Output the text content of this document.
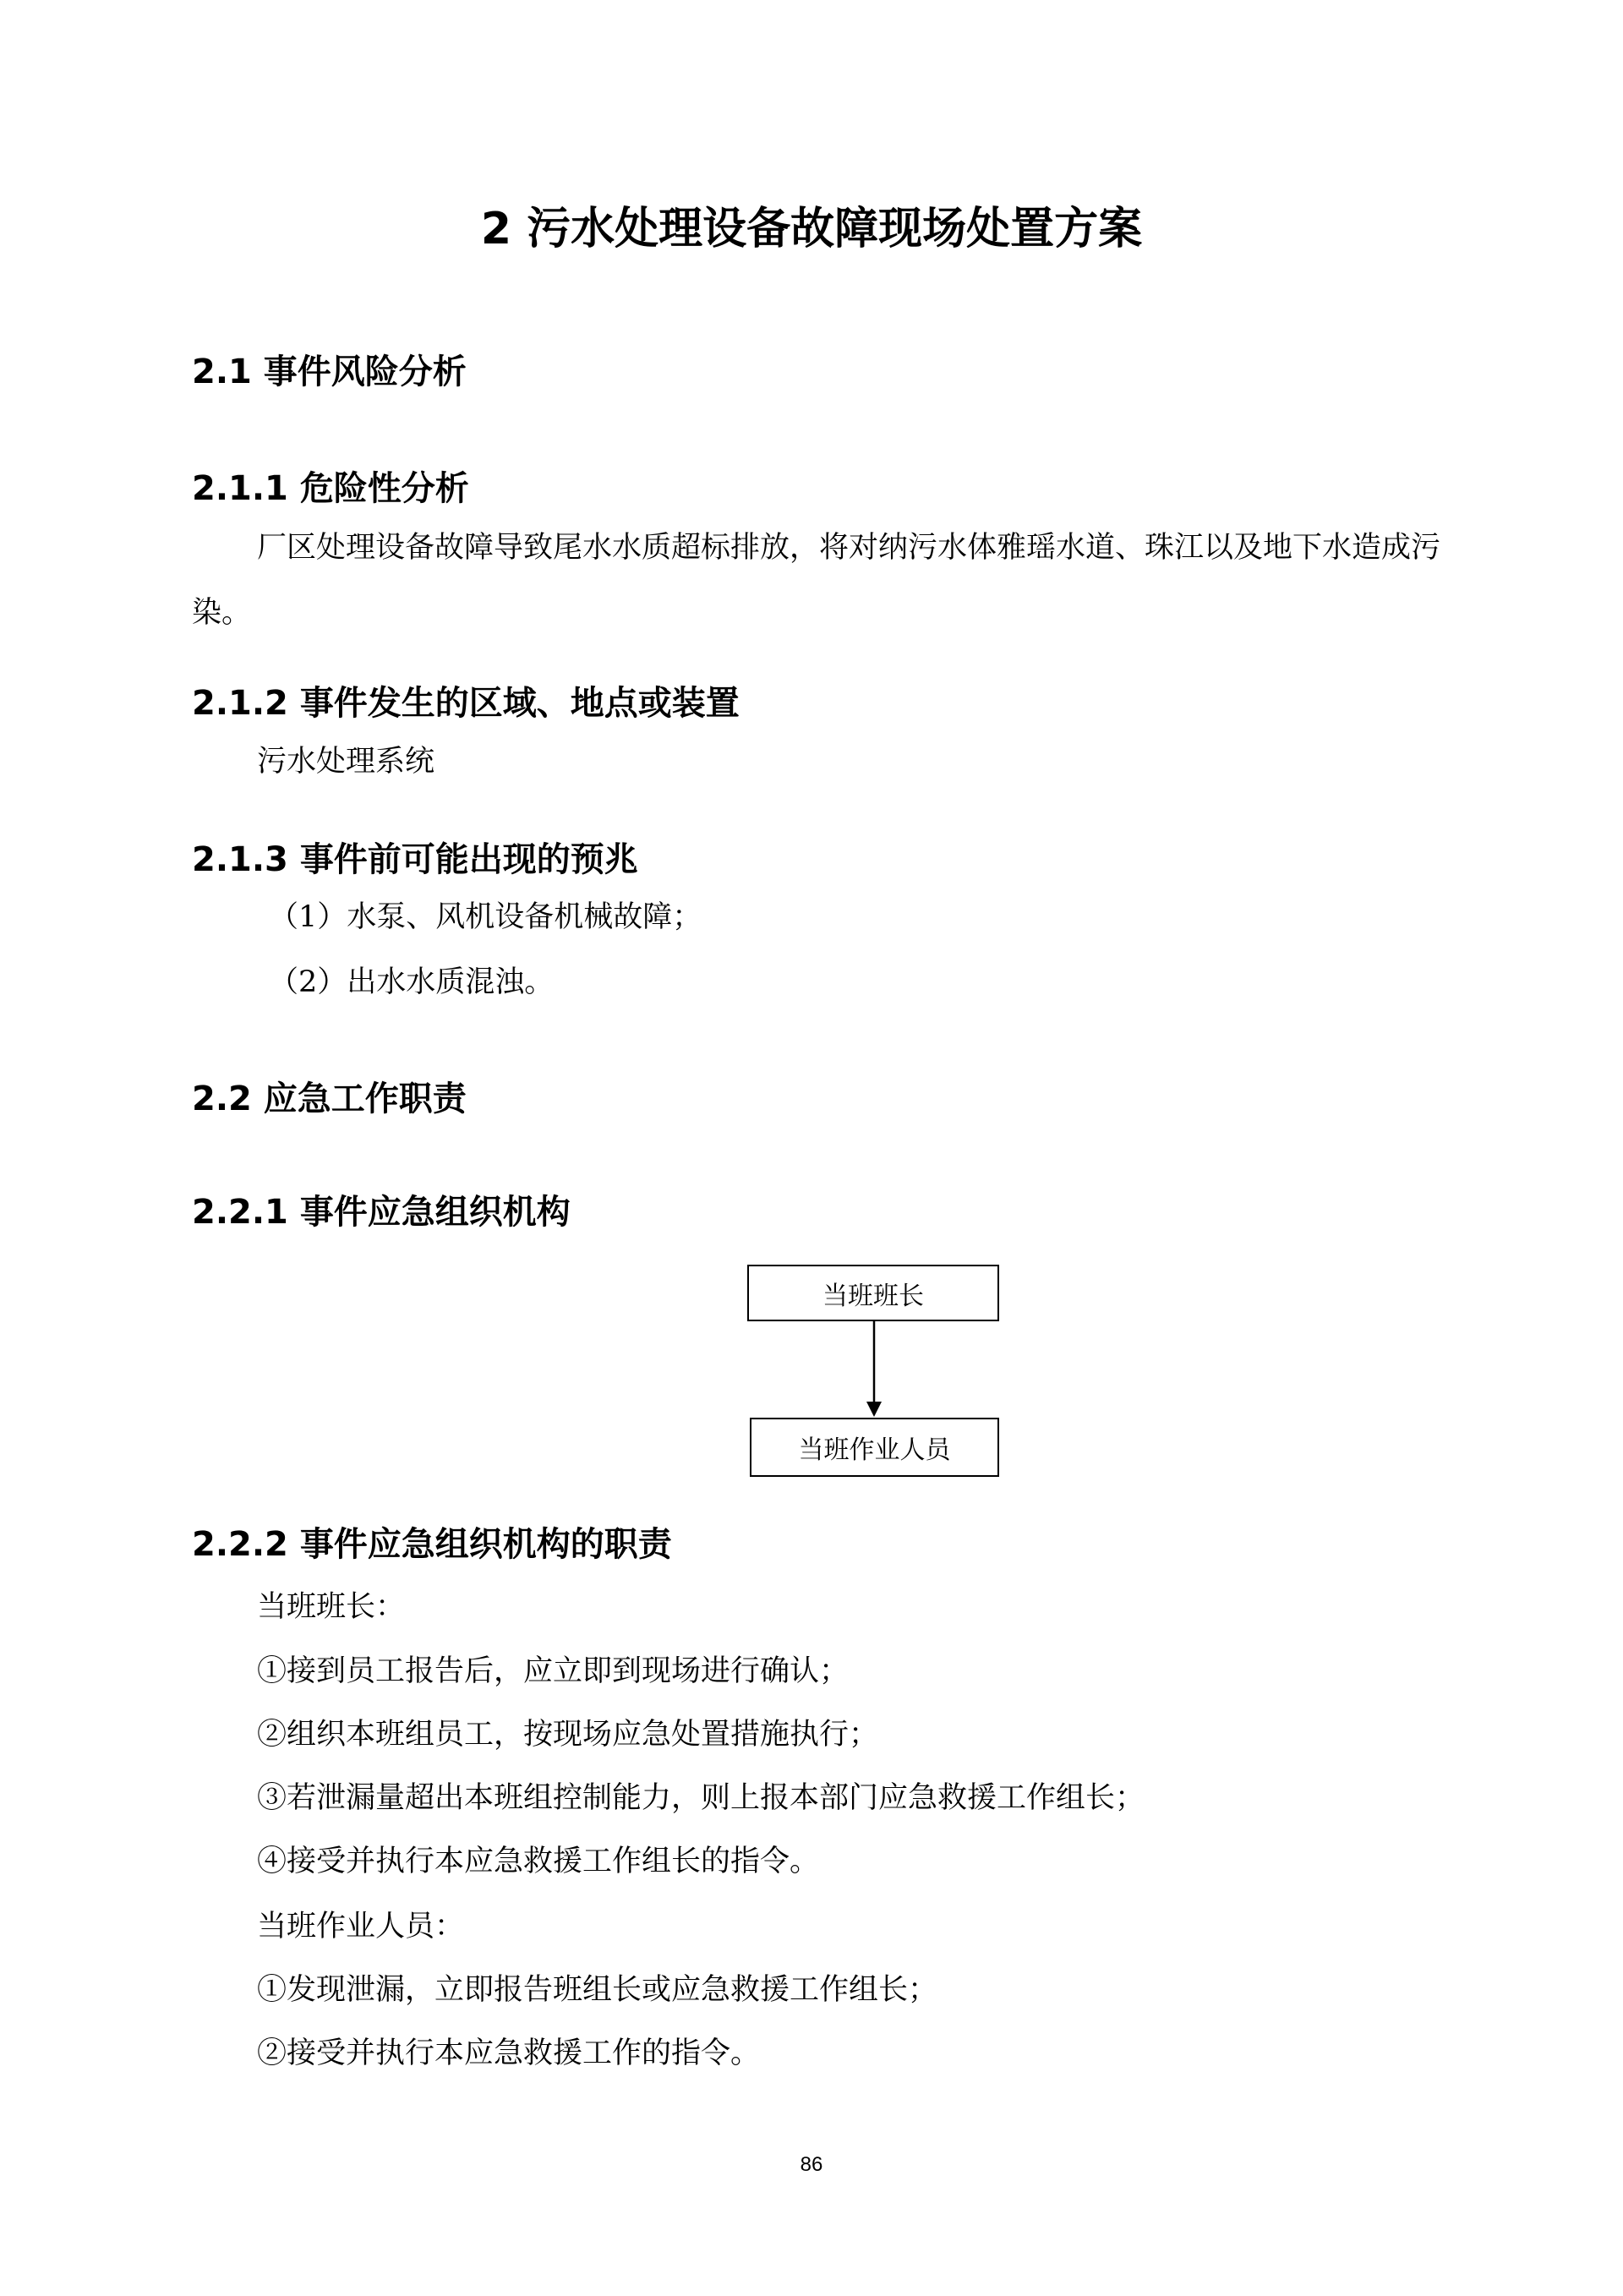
2 污水处理设备故障现场处置方案
2.1 事件风险分析
2.1.1 危险性分析
厂区处理设备故障导致尾水水质超标排放，将对纳污水体雅瑶水道、珠江以及地下水造成污染。
2.1.2 事件发生的区域、地点或装置
污水处理系统
2.1.3 事件前可能出现的预兆
（1）水泵、风机设备机械故障；
（2）出水水质混浊。
2.2 应急工作职责
2.2.1 事件应急组织机构
当班班长
当班作业人员
2.2.2 事件应急组织机构的职责
当班班长：
①接到员工报告后，应立即到现场进行确认；
②组织本班组员工，按现场应急处置措施执行；
③若泄漏量超出本班组控制能力，则上报本部门应急救援工作组长；
④接受并执行本应急救援工作组长的指令。
当班作业人员：
①发现泄漏，立即报告班组长或应急救援工作组长；
②接受并执行本应急救援工作的指令。
86
